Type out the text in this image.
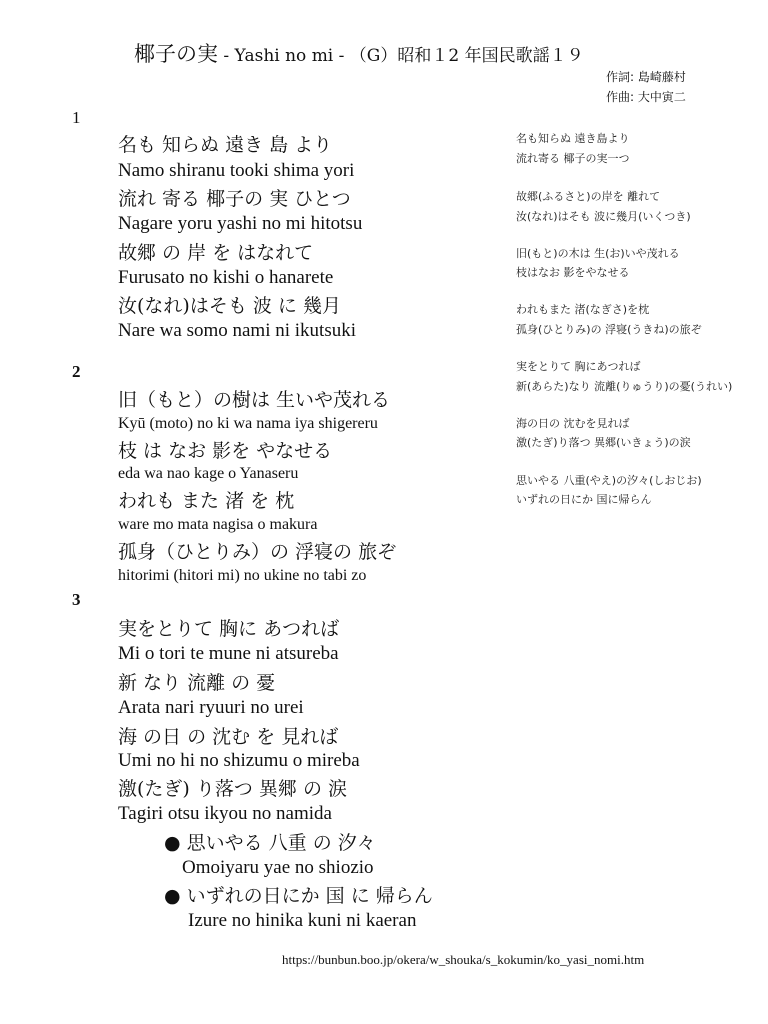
椰子の実 - Yashi no mi - （G）昭和１2 年国民歌謡１９
作詞: 島崎藤村
作曲: 大中寅二
1
名も 知らぬ 遠き 島 より
Namo shiranu tooki shima yori
流れ 寄る 椰子の 実 ひとつ
Nagare yoru yashi no mi hitotsu
故郷 の 岸 を はなれて
Furusato no kishi o hanarete
汝(なれ)はそも 波 に 幾月
Nare wa somo nami ni ikutsuki
2
旧（もと）の樹は 生いや茂れる
Kyū (moto) no ki wa nama iya shigereru
枝 は なお 影を やなせる
eda wa nao kage o Yanaseru
われも また 渚 を 枕
ware mo mata nagisa o makura
孤身（ひとりみ）の 浮寝の 旅ぞ
hitorimi (hitori mi) no ukine no tabi zo
3
実をとりて 胸に あつれば
Mi o tori te mune ni atsureba
新 なり 流離 の 憂
Arata nari ryuuri no urei
海 の日 の 沈む を 見れば
Umi no hi no shizumu o mireba
激(たぎ) り落つ 異郷 の 涙
Tagiri otsu ikyou no namida
● 思いやる 八重 の 汐々
Omoiyaru yae no shiozio
● いずれの日にか 国 に 帰らん
Izure no hinika kuni ni kaeran
名も知らぬ 遠き島より
流れ寄る 椰子の実一つ
故郷(ふるさと)の岸を 離れて
汝(なれ)はそも 波に幾月(いくつき)
旧(もと)の木は 生(お)いや茂れる
枝はなお 影をやなせる
われもまた 渚(なぎさ)を枕
孤身(ひとりみ)の 浮寝(うきね)の旅ぞ
実をとりて 胸にあつれば
新(あらた)なり 流離(りゅうり)の憂(うれい)
海の日の 沈むを見れば
激(たぎ)り落つ 異郷(いきょう)の涙
思いやる 八重(やえ)の汐々(しおじお)
いずれの日にか 国に帰らん
https://bunbun.boo.jp/okera/w_shouka/s_kokumin/ko_yasi_nomi.htm
